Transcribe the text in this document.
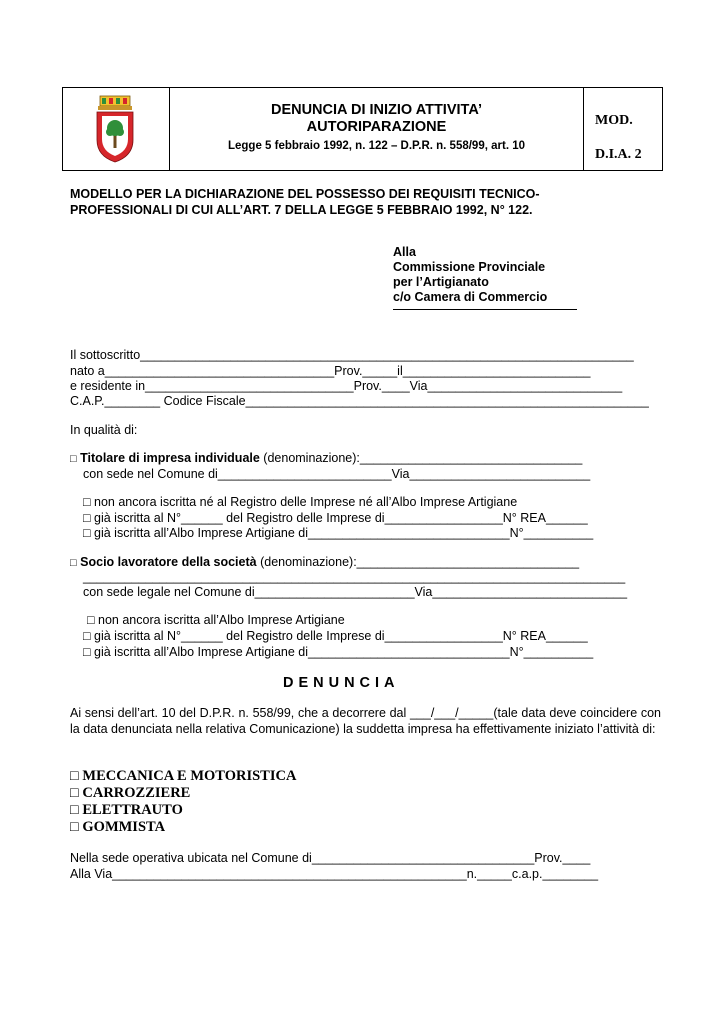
DENUNCIA DI INIZIO ATTIVITA’
AUTORIPARAZIONE
Legge 5 febbraio 1992, n. 122 – D.P.R. n. 558/99, art. 10
MOD.
D.I.A. 2
MODELLO PER LA DICHIARAZIONE DEL POSSESSO DEI REQUISITI TECNICO-
PROFESSIONALI DI CUI ALL’ART. 7 DELLA LEGGE 5 FEBBRAIO 1992, N° 122.
Alla
Commissione Provinciale
per l’Artigianato
c/o Camera di Commercio
Il sottoscritto_______________________________________________________________________
nato a_________________________________Prov._____il___________________________
e residente in______________________________Prov.____Via____________________________
C.A.P.________ Codice Fiscale__________________________________________________________
In qualità di:
□ Titolare di impresa individuale (denominazione):________________________________
con sede nel Comune di_________________________Via__________________________
□ non ancora iscritta né al Registro delle Imprese né all’Albo Imprese Artigiane
□ già iscritta al N°______ del Registro delle Imprese di_________________N° REA______
□ già iscritta all’Albo Imprese Artigiane di_____________________________N°__________
□ Socio lavoratore della società (denominazione):________________________________
______________________________________________________________________________
con sede legale nel Comune di_______________________Via____________________________
□ non ancora iscritta all’Albo Imprese Artigiane
□ già iscritta al N°______ del Registro delle Imprese di_________________N° REA______
□ già iscritta all’Albo Imprese Artigiane di_____________________________N°__________
DENUNCIA
Ai sensi dell’art. 10 del D.P.R. n. 558/99, che a decorrere dal ___/___/_____(tale data deve coincidere con la data denunciata nella relativa Comunicazione) la suddetta impresa ha effettivamente iniziato l’attività di:
□ MECCANICA E MOTORISTICA
□ CARROZZIERE
□ ELETTRAUTO
□ GOMMISTA
Nella sede operativa ubicata nel Comune di________________________________Prov.____
Alla Via___________________________________________________n._____c.a.p.________
